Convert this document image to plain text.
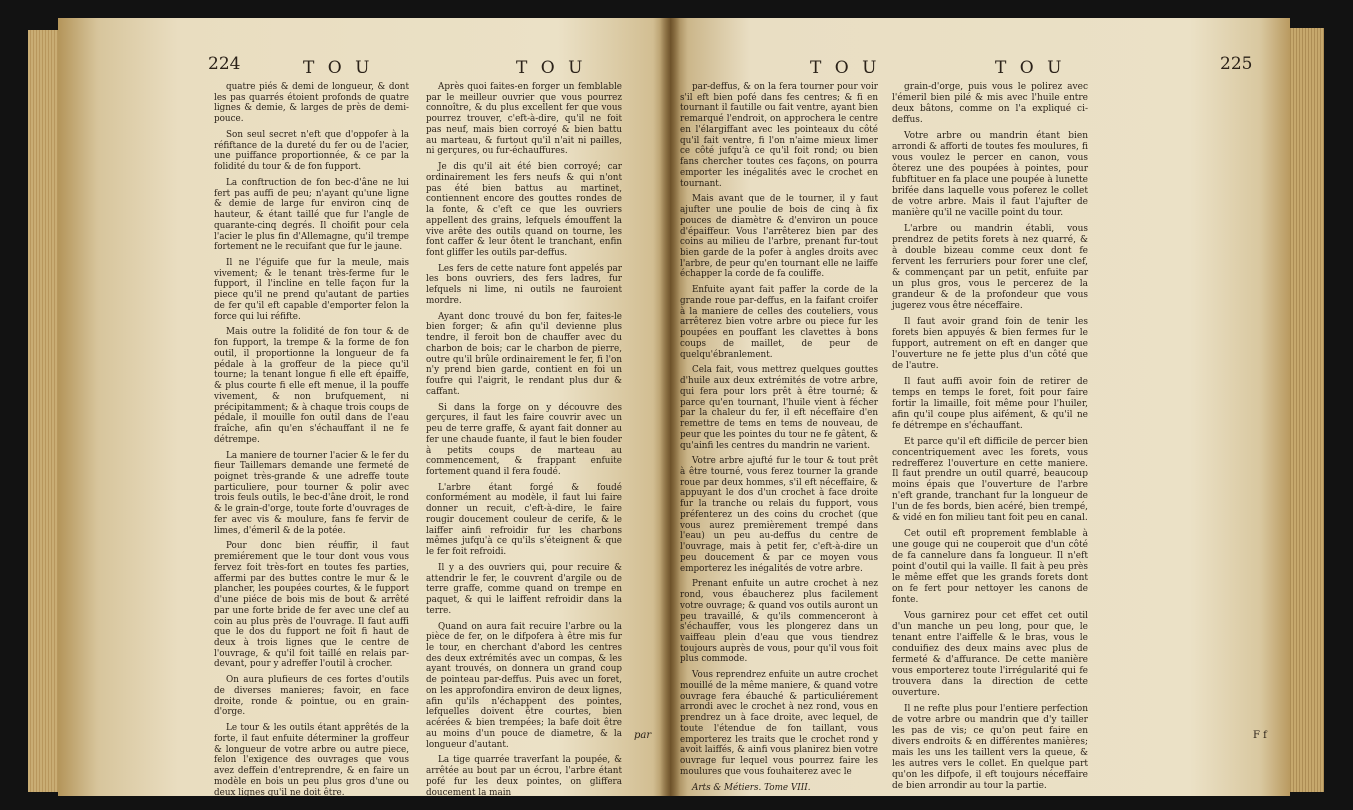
224	T O U	T O U

quatre piés & demi de longueur, & dont les pas quarrés étoient profonds de quatre lignes & demie, & larges de près de demi-pouce.

Son seul secret n'eft que d'oppofer à la réfiftance de la dureté du fer ou de l'acier, une puiffance proportionnée, & ce par la folidité du tour & de fon fupport.

La conftruction de fon bec-d'âne ne lui fert pas auffi de peu; n'ayant qu'une ligne & demie de large fur environ cinq de hauteur, & étant taillé que fur l'angle de quarante-cinq degrés. Il choifit pour cela l'acier le plus fin d'Allemagne, qu'il trempe fortement ne le recuifant que fur le jaune.

Il ne l'éguife que fur la meule, mais vivement; & le tenant très-ferme fur le fupport, il l'incline en telle façon fur la piece qu'il ne prend qu'autant de parties de fer qu'il eft capable d'emporter felon la force qui lui réfifte.

Mais outre la folidité de fon tour & de fon fupport, la trempe & la forme de fon outil, il proportionne la longueur de fa pédale à la groffeur de la piece qu'il tourne; la tenant longue fi elle eft épaiffe, & plus courte fi elle eft menue, il la pouffe vivement, & non brufquement, ni précipitamment; & à chaque trois coups de pédale, il mouille fon outil dans de l'eau fraîche, afin qu'en s'échauffant il ne fe détrempe.

La maniere de tourner l'acier & le fer du fieur Taillemars demande une fermeté de poignet très-grande & une adreffe toute particuliere, pour tourner & polir avec trois feuls outils, le bec-d'âne droit, le rond & le grain-d'orge, toute forte d'ouvrages de fer avec vis & moulure, fans fe fervir de limes, d'émeril & de la potée.

Pour donc bien réuffir, il faut premiérement que le tour dont vous vous fervez foit très-fort en toutes fes parties, affermi par des buttes contre le mur & le plancher, les poupées courtes, & le fupport d'une piéce de bois mis de bout & arrêté par une forte bride de fer avec une clef au coin au plus près de l'ouvrage. Il faut auffi que le dos du fupport ne foit fi haut de deux à trois lignes que le centre de l'ouvrage, & qu'il foit taillé en relais par-devant, pour y adreffer l'outil à crocher.

On aura plufieurs de ces fortes d'outils de diverses manieres; favoir, en face droite, ronde & pointue, ou en grain-d'orge.

Le tour & les outils étant apprêtés de la forte, il faut enfuite déterminer la groffeur & longueur de votre arbre ou autre piece, felon l'exigence des ouvrages que vous avez deffein d'entreprendre, & en faire un modèle en bois un peu plus gros d'une ou deux lignes qu'il ne doit être.

Après quoi faites-en forger un femblable par le meilleur ouvrier que vous pourrez connoître, & du plus excellent fer que vous pourrez trouver, c'eft-à-dire, qu'il ne foit pas neuf, mais bien corroyé & bien battu au marteau, & furtout qu'il n'ait ni pailles, ni gerçures, ou fur-échauffures.

Je dis qu'il ait été bien corroyé; car ordinairement les fers neufs & qui n'ont pas été bien battus au martinet, contiennent encore des gouttes rondes de la fonte, & c'eft ce que les ouvriers appellent des grains, lefquels émouffent la vive arête des outils quand on tourne, les font caffer & leur ôtent le tranchant, enfin font gliffer les outils par-deffus.

Les fers de cette nature font appelés par les bons ouvriers, des fers ladres, fur lefquels ni lime, ni outils ne fauroient mordre.

Ayant donc trouvé du bon fer, faites-le bien forger; & afin qu'il devienne plus tendre, il feroit bon de chauffer avec du charbon de bois; car le charbon de pierre, outre qu'il brûle ordinairement le fer, fi l'on n'y prend bien garde, contient en foi un foufre qui l'aigrit, le rendant plus dur & caffant.

Si dans la forge on y découvre des gerçures, il faut les faire couvrir avec un peu de terre graffe, & ayant fait donner au fer une chaude fuante, il faut le bien fouder à petits coups de marteau au commencement, & frappant enfuite fortement quand il fera foudé.

L'arbre étant forgé & foudé conformément au modèle, il faut lui faire donner un recuit, c'eft-à-dire, le faire rougir doucement couleur de cerife, & le laiffer ainfi refroidir fur les charbons mêmes jufqu'à ce qu'ils s'éteignent & que le fer foit refroidi.

Il y a des ouvriers qui, pour recuire & attendrir le fer, le couvrent d'argile ou de terre graffe, comme quand on trempe en paquet, & qui le laiffent refroidir dans la terre.

Quand on aura fait recuire l'arbre ou la pièce de fer, on le difpofera à être mis fur le tour, en cherchant d'abord les centres des deux extrémités avec un compas, & les ayant trouvés, on donnera un grand coup de pointeau par-deffus. Puis avec un foret, on les approfondira environ de deux lignes, afin qu'ils n'échappent des pointes, lefquelles doivent être courtes, bien acérées & bien trempées; la bafe doit être au moins d'un pouce de diametre, & la longueur d'autant.

La tige quarrée traverfant la poupée, & arrêtée au bout par un écrou, l'arbre étant pofé fur les deux pointes, on gliffera doucement la main

par
T O U	T O U	225

par-deffus, & on la fera tourner pour voir s'il eft bien pofé dans fes centres; & fi en tournant il fautille ou fait ventre, ayant bien remarqué l'endroit, on approchera le centre en l'élargiffant avec les pointeaux du côté qu'il fait ventre, fi l'on n'aime mieux limer ce côté jufqu'à ce qu'il foit rond; ou bien fans chercher toutes ces façons, on pourra emporter les inégalités avec le crochet en tournant.

Mais avant que de le tourner, il y faut ajufter une poulie de bois de cinq à fix pouces de diamètre & d'environ un pouce d'épaiffeur. Vous l'arrêterez bien par des coins au milieu de l'arbre, prenant fur-tout bien garde de la pofer à angles droits avec l'arbre, de peur qu'en tournant elle ne laiffe échapper la corde de fa couliffe.

Enfuite ayant fait paffer la corde de la grande roue par-deffus, en la faifant croifer à la maniere de celles des couteliers, vous arrêterez bien votre arbre ou piece fur les poupées en pouffant les clavettes à bons coups de maillet, de peur de quelqu'ébranlement.

Cela fait, vous mettrez quelques gouttes d'huile aux deux extrémités de votre arbre, qui fera pour lors prêt à être tourné; & parce qu'en tournant, l'huile vient à fécher par la chaleur du fer, il eft néceffaire d'en remettre de tems en tems de nouveau, de peur que les pointes du tour ne fe gâtent, & qu'ainfi les centres du mandrin ne varient.

Votre arbre ajufté fur le tour & tout prêt à être tourné, vous ferez tourner la grande roue par deux hommes, s'il eft néceffaire, & appuyant le dos d'un crochet à face droite fur la tranche ou relais du fupport, vous préfenterez un des coins du crochet (que vous aurez premièrement trempé dans l'eau) un peu au-deffus du centre de l'ouvrage, mais à petit fer, c'eft-à-dire un peu doucement & par ce moyen vous emporterez les inégalités de votre arbre.

Prenant enfuite un autre crochet à nez rond, vous ébaucherez plus facilement votre ouvrage; & quand vos outils auront un peu travaillé, & qu'ils commenceront à s'échauffer, vous les plongerez dans un vaiffeau plein d'eau que vous tiendrez toujours auprès de vous, pour qu'il vous foit plus commode.

Vous reprendrez enfuite un autre crochet mouillé de la même maniere, & quand votre ouvrage fera ébauché & particuliérement arrondi avec le crochet à nez rond, vous en prendrez un à face droite, avec lequel, de toute l'étendue de fon taillant, vous emporterez les traits que le crochet rond y avoit laiffés, & ainfi vous planirez bien votre ouvrage fur lequel vous pourrez faire les moulures que vous fouhaiterez avec le

Arts & Métiers. Tome VIII.

grain-d'orge, puis vous le polirez avec l'émeril bien pilé & mis avec l'huile entre deux bâtons, comme on l'a expliqué ci-deffus.

Votre arbre ou mandrin étant bien arrondi & afforti de toutes fes moulures, fi vous voulez le percer en canon, vous ôterez une des poupées à pointes, pour fubftituer en fa place une poupée à lunette brifée dans laquelle vous poferez le collet de votre arbre. Mais il faut l'ajufter de manière qu'il ne vacille point du tour.

L'arbre ou mandrin établi, vous prendrez de petits forets à nez quarré, & à double bizeau comme ceux dont fe fervent les ferruriers pour forer une clef, & commençant par un petit, enfuite par un plus gros, vous le percerez de la grandeur & de la profondeur que vous jugerez vous être néceffaire.

Il faut avoir grand foin de tenir les forets bien appuyés & bien fermes fur le fupport, autrement on eft en danger que l'ouverture ne fe jette plus d'un côté que de l'autre.

Il faut auffi avoir foin de retirer de temps en temps le foret, foit pour faire fortir la limaille, foit même pour l'huiler, afin qu'il coupe plus aifément, & qu'il ne fe détrempe en s'échauffant.

Et parce qu'il eft difficile de percer bien concentriquement avec les forets, vous redrefferez l'ouverture en cette maniere. Il faut prendre un outil quarré, beaucoup moins épais que l'ouverture de l'arbre n'eft grande, tranchant fur la longueur de l'un de fes bords, bien acéré, bien trempé, & vidé en fon milieu tant foit peu en canal.

Cet outil eft proprement femblable à une gouge qui ne couperoit que d'un côté de fa cannelure dans fa longueur. Il n'eft point d'outil qui la vaille. Il fait à peu près le même effet que les grands forets dont on fe fert pour nettoyer les canons de fonte.

Vous garnirez pour cet effet cet outil d'un manche un peu long, pour que, le tenant entre l'aiffelle & le bras, vous le conduifiez des deux mains avec plus de fermeté & d'affurance. De cette manière vous emporterez toute l'irrégularité qui fe trouvera dans la direction de cette ouverture.

Il ne refte plus pour l'entiere perfection de votre arbre ou mandrin que d'y tailler les pas de vis; ce qu'on peut faire en divers endroits & en différentes manières; mais les uns les taillent vers la queue, & les autres vers le collet. En quelque part qu'on les difpofe, il eft toujours néceffaire de bien arrondir au tour la partie.

F f
